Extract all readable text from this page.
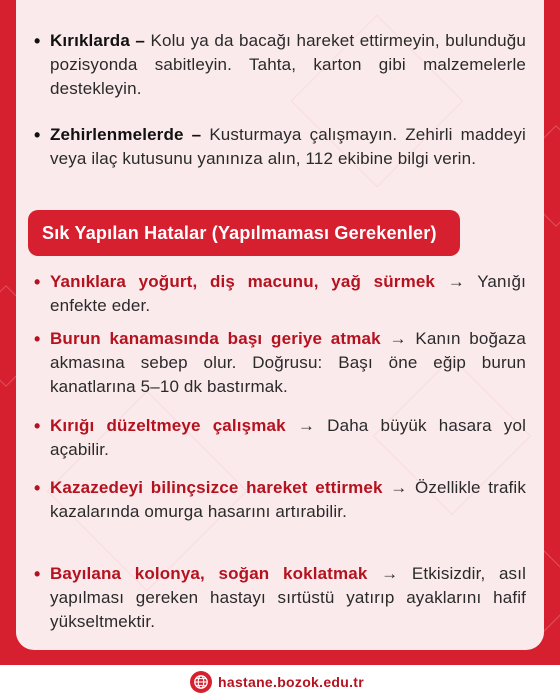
• Kırıklarda – Kolu ya da bacağı hareket ettirmeyin, bulunduğu pozisyonda sabitleyin. Tahta, karton gibi malzemelerle destekleyin.
• Zehirlenmelerde – Kusturmaya çalışmayın. Zehirli maddeyi veya ilaç kutusunu yanınıza alın, 112 ekibine bilgi verin.
Sık Yapılan Hatalar (Yapılmaması Gerekenler)
• Yanıklara yoğurt, diş macunu, yağ sürmek → Yanığı enfekte eder.
• Burun kanamasında başı geriye atmak → Kanın boğaza akmasına sebep olur. Doğrusu: Başı öne eğip burun kanatlarına 5–10 dk bastırmak.
• Kırığı düzeltmeye çalışmak → Daha büyük hasara yol açabilir.
• Kazazedeyi bilinçsizce hareket ettirmek → Özellikle trafik kazalarında omurga hasarını artırabilir.
• Bayılana kolonya, soğan koklatmak → Etkisizdir, asıl yapılması gereken hastayı sırtüstü yatırıp ayaklarını hafif yükseltmektir.
hastane.bozok.edu.tr
